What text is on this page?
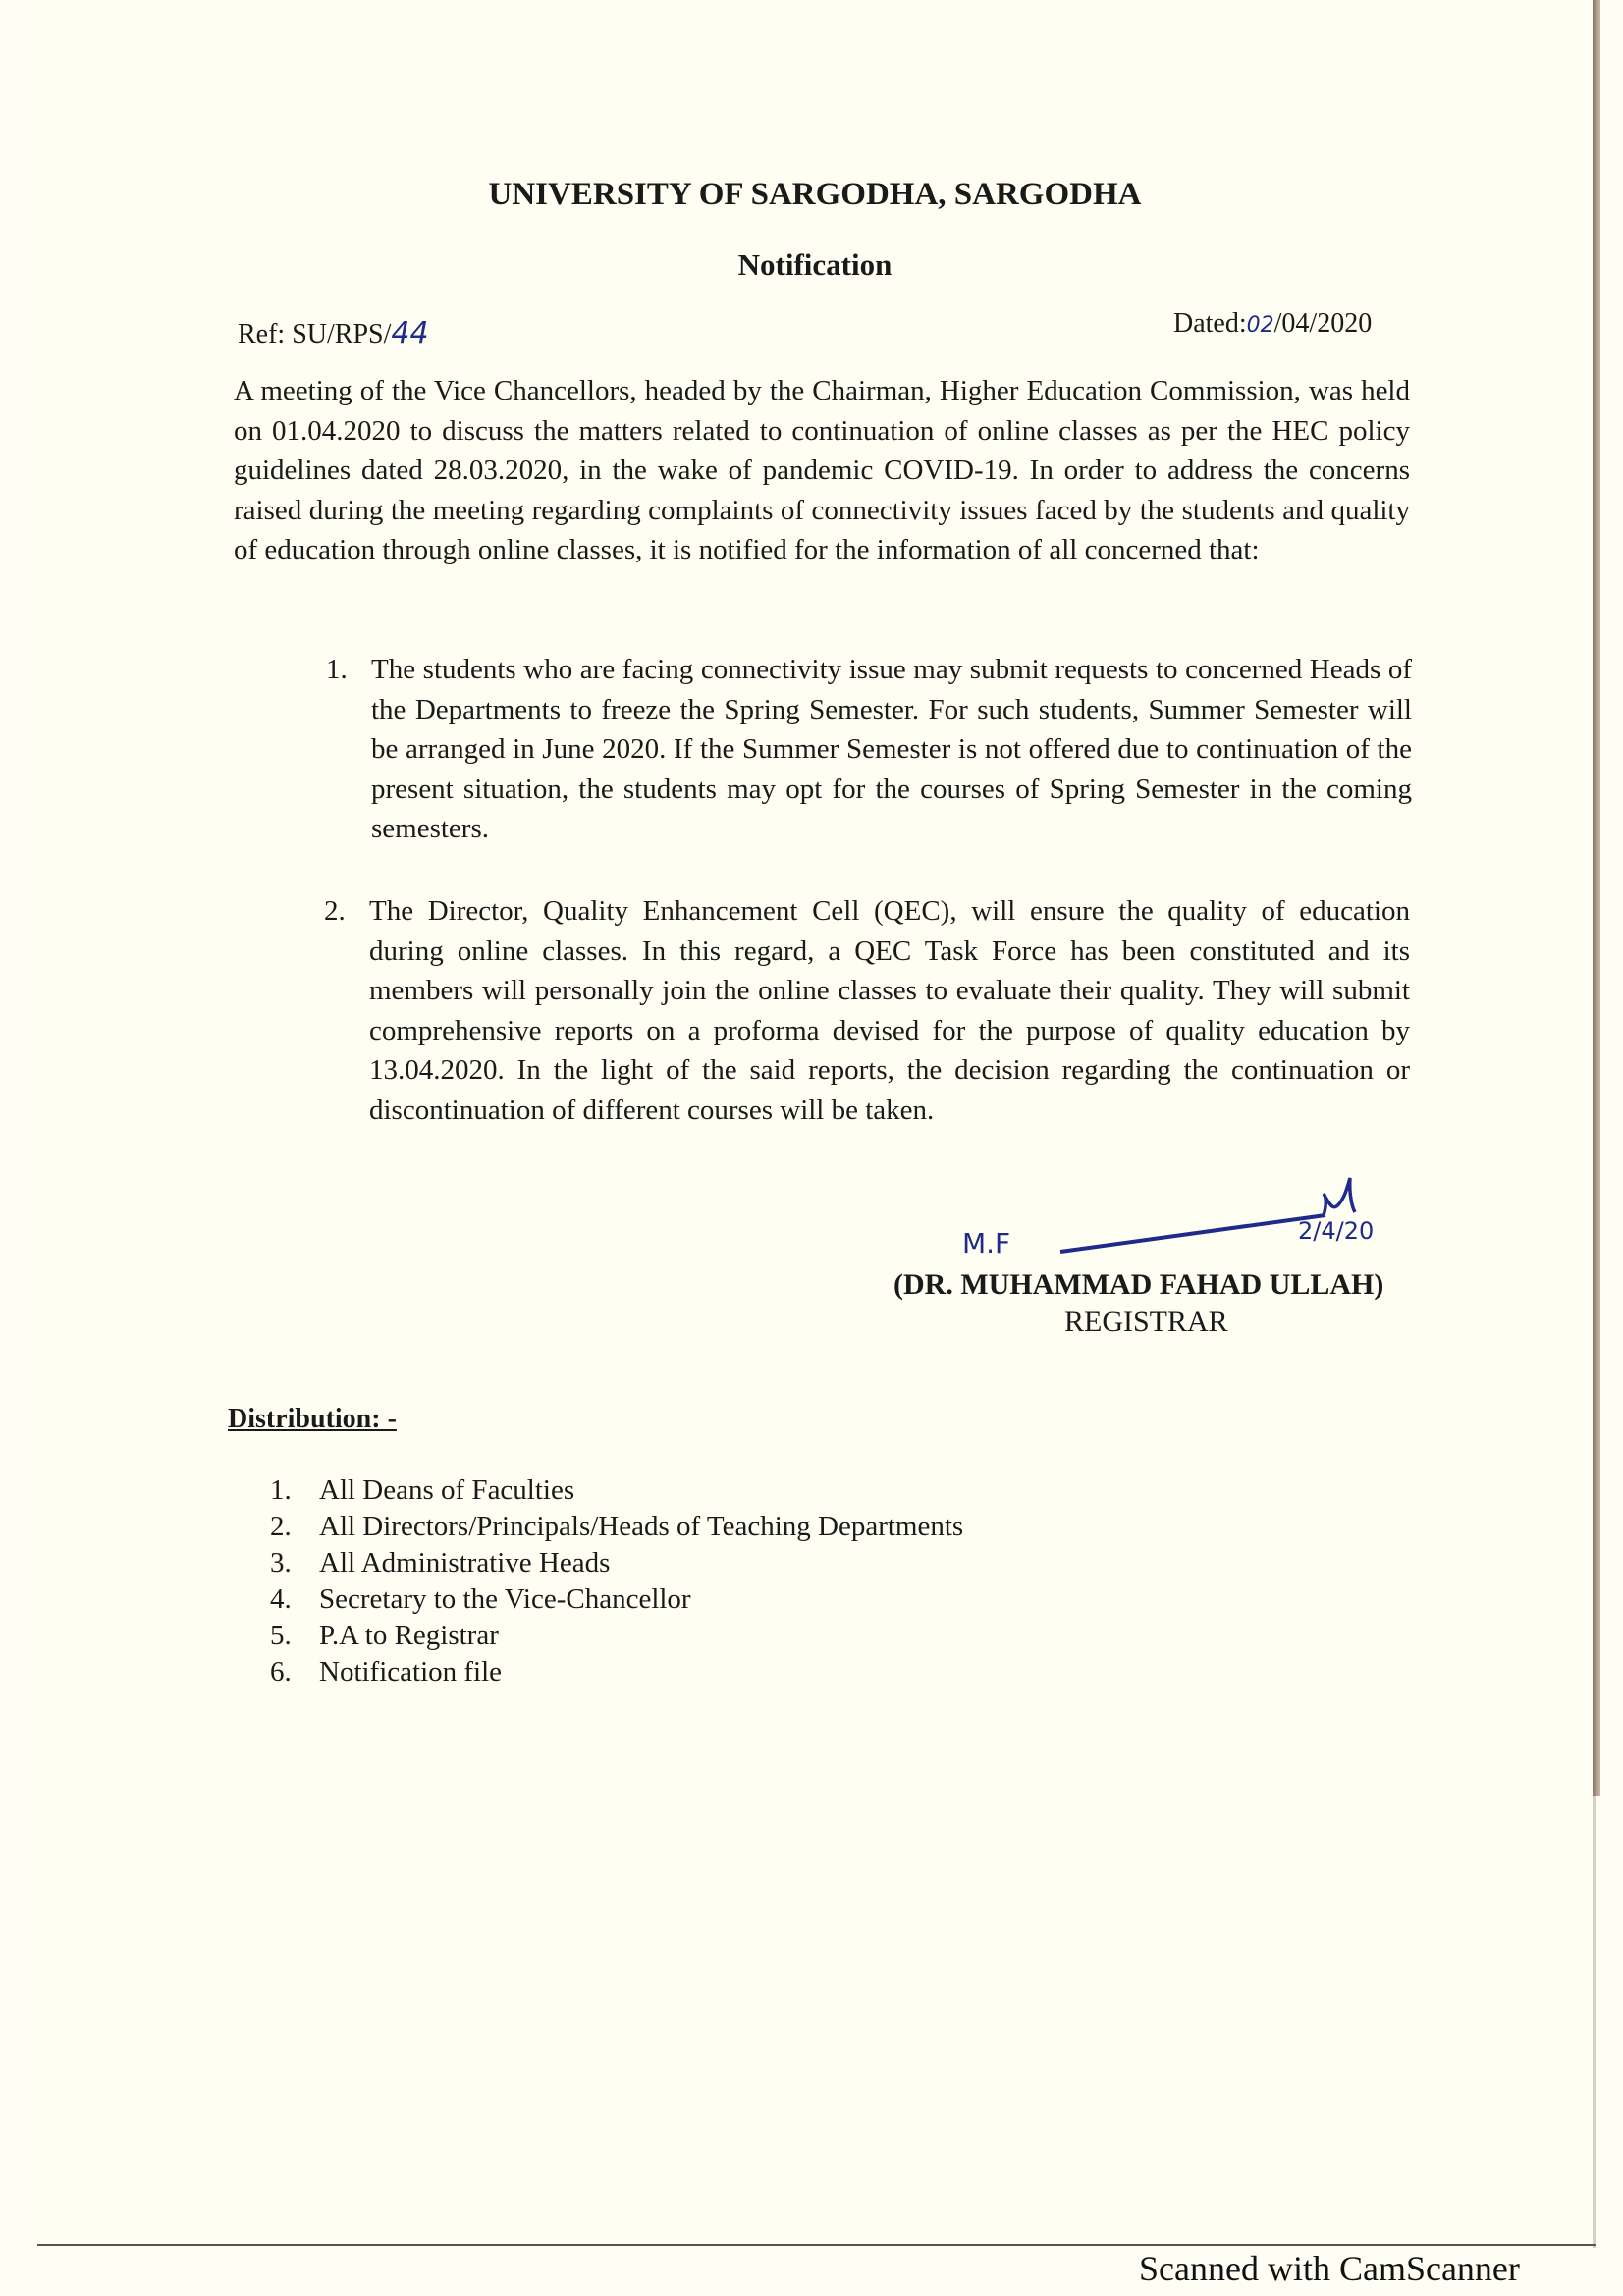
UNIVERSITY OF SARGODHA, SARGODHA
Notification
Ref: SU/RPS/44	Dated:02/04/2020
A meeting of the Vice Chancellors, headed by the Chairman, Higher Education Commission, was held on 01.04.2020 to discuss the matters related to continuation of online classes as per the HEC policy guidelines dated 28.03.2020, in the wake of pandemic COVID-19. In order to address the concerns raised during the meeting regarding complaints of connectivity issues faced by the students and quality of education through online classes, it is notified for the information of all concerned that:
1. The students who are facing connectivity issue may submit requests to concerned Heads of the Departments to freeze the Spring Semester. For such students, Summer Semester will be arranged in June 2020. If the Summer Semester is not offered due to continuation of the present situation, the students may opt for the courses of Spring Semester in the coming semesters.
2. The Director, Quality Enhancement Cell (QEC), will ensure the quality of education during online classes. In this regard, a QEC Task Force has been constituted and its members will personally join the online classes to evaluate their quality. They will submit comprehensive reports on a proforma devised for the purpose of quality education by 13.04.2020. In the light of the said reports, the decision regarding the continuation or discontinuation of different courses will be taken.
M.F	2/4/20
(DR. MUHAMMAD FAHAD ULLAH)
REGISTRAR
Distribution: -
1. All Deans of Faculties
2. All Directors/Principals/Heads of Teaching Departments
3. All Administrative Heads
4. Secretary to the Vice-Chancellor
5. P.A to Registrar
6. Notification file
Scanned with CamScanner
